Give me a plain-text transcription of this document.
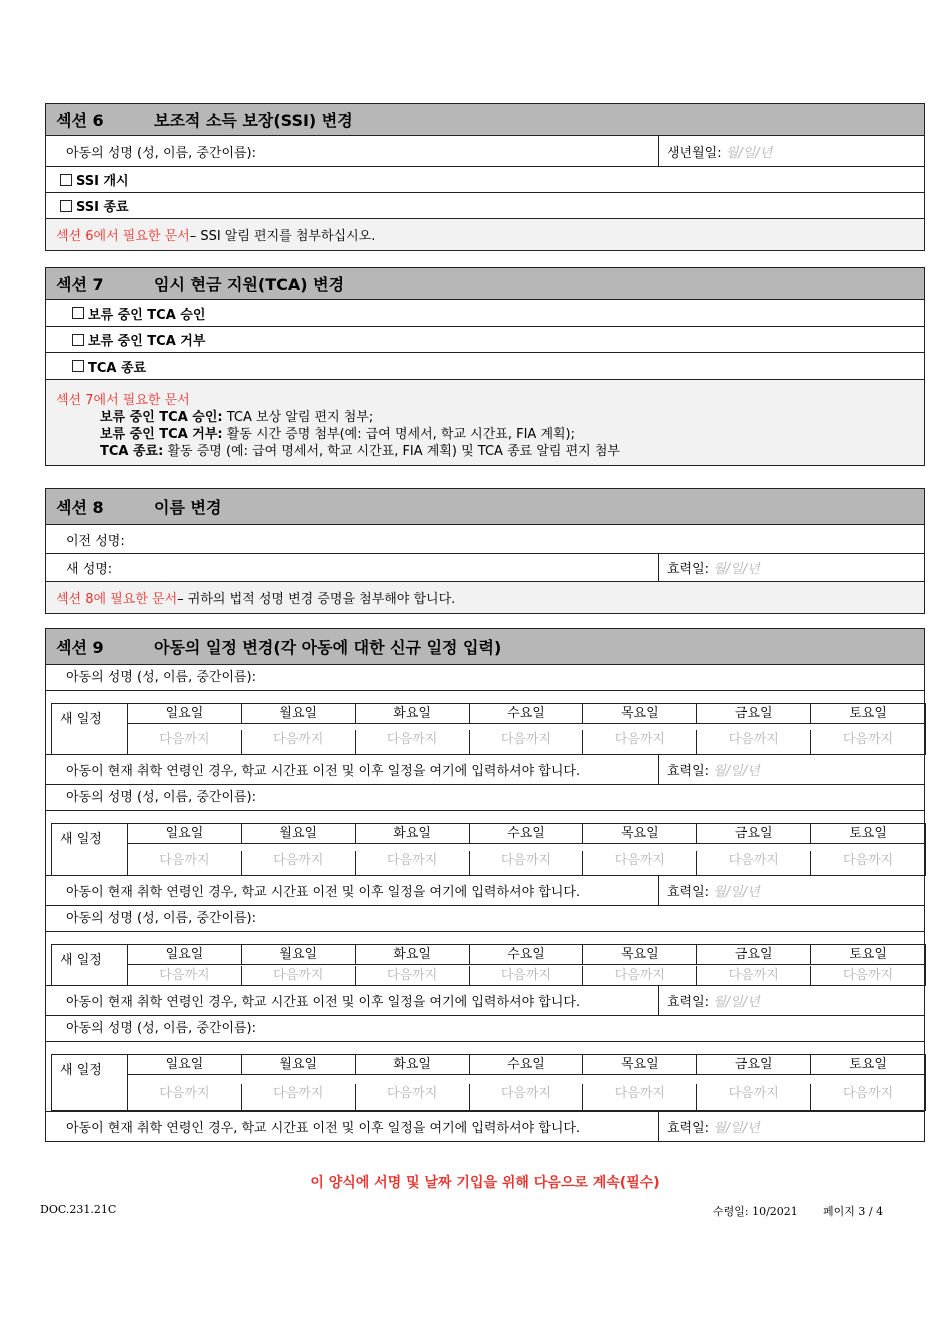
섹션 6	보조적 소득 보장(SSI) 변경
아동의 성명 (성, 이름, 중간이름):	생년월일:
월/일/년
SSI 개시
SSI 종료
섹션 6에서 필요한 문서 – SSI 알림 편지를 첨부하십시오.
섹션 7	임시 현금 지원(TCA) 변경
보류 중인 TCA 승인
보류 중인 TCA 거부
TCA 종료
섹션 7에서 필요한 문서
보류 중인 TCA 승인: TCA 보상 알림 편지 첨부;
보류 중인 TCA 거부: 활동 시간 증명 첨부(예: 급여 명세서, 학교 시간표, FIA 계획);
TCA 종료: 활동 증명 (예: 급여 명세서, 학교 시간표, FIA 계획) 및 TCA 종료 알림 편지 첨부
섹션 8	이름 변경
이전 성명:
새 성명:	효력일:
월/일/년
섹션 8에 필요한 문서 – 귀하의 법적 성명 변경 증명을 첨부해야 합니다.
섹션 9	아동의 일정 변경(각 아동에 대한 신규 일정 입력)
아동의 성명 (성, 이름, 중간이름):
새 일정	일요일	월요일	화요일	수요일	목요일	금요일	토요일
다음까지	다음까지	다음까지	다음까지	다음까지	다음까지	다음까지
아동이 현재 취학 연령인 경우, 학교 시간표 이전 및 이후 일정을 여기에 입력하셔야 합니다.	효력일:
월/일/년
아동의 성명 (성, 이름, 중간이름):
새 일정	일요일	월요일	화요일	수요일	목요일	금요일	토요일
다음까지	다음까지	다음까지	다음까지	다음까지	다음까지	다음까지
아동이 현재 취학 연령인 경우, 학교 시간표 이전 및 이후 일정을 여기에 입력하셔야 합니다.	효력일:
월/일/년
아동의 성명 (성, 이름, 중간이름):
새 일정	일요일	월요일	화요일	수요일	목요일	금요일	토요일
다음까지	다음까지	다음까지	다음까지	다음까지	다음까지	다음까지
아동이 현재 취학 연령인 경우, 학교 시간표 이전 및 이후 일정을 여기에 입력하셔야 합니다.	효력일:
월/일/년
아동의 성명 (성, 이름, 중간이름):
새 일정	일요일	월요일	화요일	수요일	목요일	금요일	토요일
다음까지	다음까지	다음까지	다음까지	다음까지	다음까지	다음까지
아동이 현재 취학 연령인 경우, 학교 시간표 이전 및 이후 일정을 여기에 입력하셔야 합니다.	효력일:
월/일/년
이 양식에 서명 및 날짜 기입을 위해 다음으로 계속(필수)
DOC.231.21C	수령일: 10/2021 페이지 3 / 4
